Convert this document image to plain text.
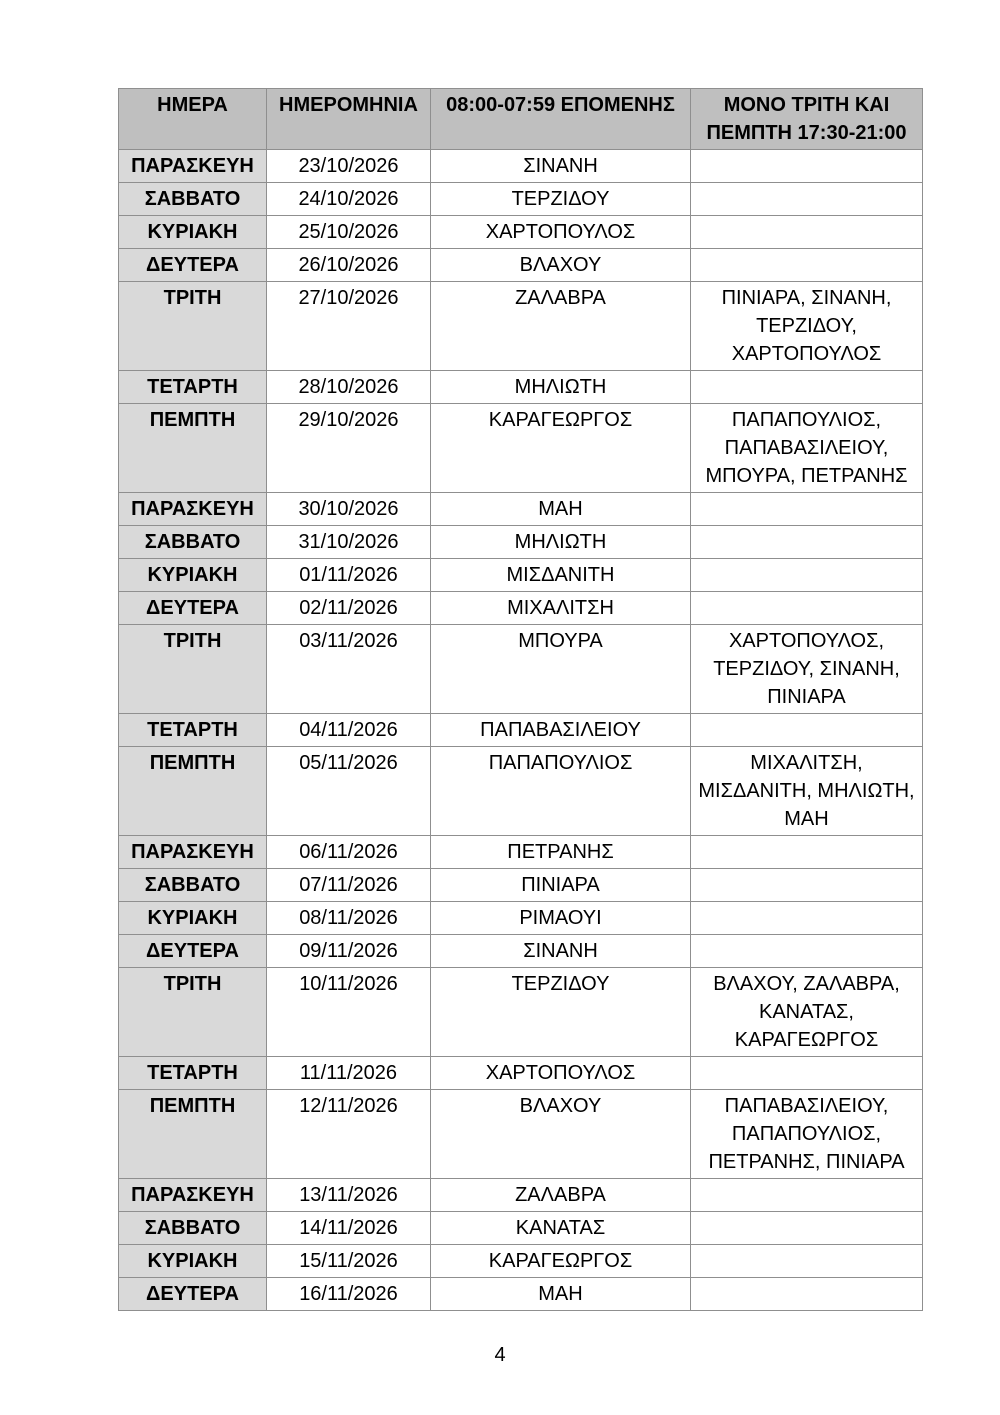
ΗΜΕΡΑ	ΗΜΕΡΟΜΗΝΙΑ	08:00-07:59 ΕΠΟΜΕΝΗΣ	ΜΟΝΟ ΤΡΙΤΗ ΚΑΙ ΠΕΜΠΤΗ 17:30-21:00
ΠΑΡΑΣΚΕΥΗ	23/10/2026	ΣΙΝΑΝΗ	
ΣΑΒΒΑΤΟ	24/10/2026	ΤΕΡΖΙΔΟΥ	
ΚΥΡΙΑΚΗ	25/10/2026	ΧΑΡΤΟΠΟΥΛΟΣ	
ΔΕΥΤΕΡΑ	26/10/2026	ΒΛΑΧΟΥ	
ΤΡΙΤΗ	27/10/2026	ΖΑΛΑΒΡΑ	ΠΙΝΙΑΡΑ, ΣΙΝΑΝΗ, ΤΕΡΖΙΔΟΥ, ΧΑΡΤΟΠΟΥΛΟΣ
ΤΕΤΑΡΤΗ	28/10/2026	ΜΗΛΙΩΤΗ	
ΠΕΜΠΤΗ	29/10/2026	ΚΑΡΑΓΕΩΡΓΟΣ	ΠΑΠΑΠΟΥΛΙΟΣ, ΠΑΠΑΒΑΣΙΛΕΙΟΥ, ΜΠΟΥΡΑ, ΠΕΤΡΑΝΗΣ
ΠΑΡΑΣΚΕΥΗ	30/10/2026	ΜΑΗ	
ΣΑΒΒΑΤΟ	31/10/2026	ΜΗΛΙΩΤΗ	
ΚΥΡΙΑΚΗ	01/11/2026	ΜΙΣΔΑΝΙΤΗ	
ΔΕΥΤΕΡΑ	02/11/2026	ΜΙΧΑΛΙΤΣΗ	
ΤΡΙΤΗ	03/11/2026	ΜΠΟΥΡΑ	ΧΑΡΤΟΠΟΥΛΟΣ, ΤΕΡΖΙΔΟΥ, ΣΙΝΑΝΗ, ΠΙΝΙΑΡΑ
ΤΕΤΑΡΤΗ	04/11/2026	ΠΑΠΑΒΑΣΙΛΕΙΟΥ	
ΠΕΜΠΤΗ	05/11/2026	ΠΑΠΑΠΟΥΛΙΟΣ	ΜΙΧΑΛΙΤΣΗ, ΜΙΣΔΑΝΙΤΗ, ΜΗΛΙΩΤΗ, ΜΑΗ
ΠΑΡΑΣΚΕΥΗ	06/11/2026	ΠΕΤΡΑΝΗΣ	
ΣΑΒΒΑΤΟ	07/11/2026	ΠΙΝΙΑΡΑ	
ΚΥΡΙΑΚΗ	08/11/2026	ΡΙΜΑΟΥΙ	
ΔΕΥΤΕΡΑ	09/11/2026	ΣΙΝΑΝΗ	
ΤΡΙΤΗ	10/11/2026	ΤΕΡΖΙΔΟΥ	ΒΛΑΧΟΥ, ΖΑΛΑΒΡΑ, ΚΑΝΑΤΑΣ, ΚΑΡΑΓΕΩΡΓΟΣ
ΤΕΤΑΡΤΗ	11/11/2026	ΧΑΡΤΟΠΟΥΛΟΣ	
ΠΕΜΠΤΗ	12/11/2026	ΒΛΑΧΟΥ	ΠΑΠΑΒΑΣΙΛΕΙΟΥ, ΠΑΠΑΠΟΥΛΙΟΣ, ΠΕΤΡΑΝΗΣ, ΠΙΝΙΑΡΑ
ΠΑΡΑΣΚΕΥΗ	13/11/2026	ΖΑΛΑΒΡΑ	
ΣΑΒΒΑΤΟ	14/11/2026	ΚΑΝΑΤΑΣ	
ΚΥΡΙΑΚΗ	15/11/2026	ΚΑΡΑΓΕΩΡΓΟΣ	
ΔΕΥΤΕΡΑ	16/11/2026	ΜΑΗ	
4
